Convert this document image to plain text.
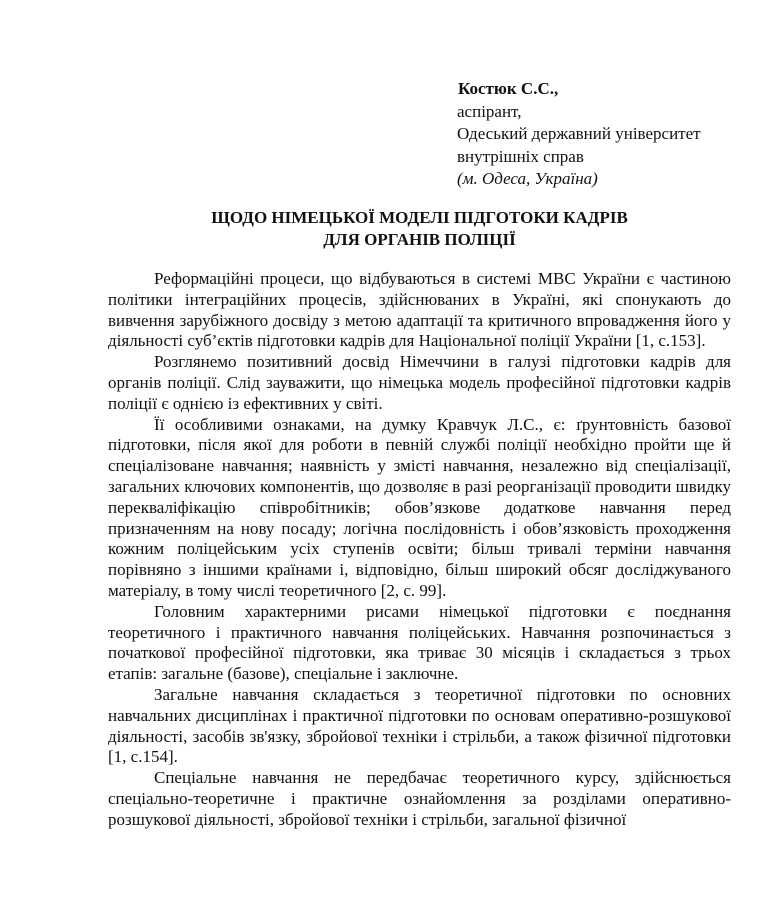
Костюк С.С.,
аспірант,
Одеський державний університет
внутрішніх справ
(м. Одеса, Україна)
ЩОДО НІМЕЦЬКОЇ МОДЕЛІ ПІДГОТОКИ КАДРІВ
ДЛЯ ОРГАНІВ ПОЛІЦІЇ

Реформаційні процеси, що відбуваються в системі МВС України є частиною політики інтеграційних процесів, здійснюваних в Україні, які спонукають до вивчення зарубіжного досвіду з метою адаптації та критичного впровадження його у діяльності суб’єктів підготовки кадрів для Національної поліції України [1, с.153].

Розглянемо позитивний досвід Німеччини в галузі підготовки кадрів для органів поліції. Слід зауважити, що німецька модель професійної підготовки кадрів поліції є однією із ефективних у світі.

Її особливими ознаками, на думку Кравчук Л.С., є: ґрунтовність базової підготовки, після якої для роботи в певній службі поліції необхідно пройти ще й спеціалізоване навчання; наявність у змісті навчання, незалежно від спеціалізації, загальних ключових компонентів, що дозволяє в разі реорганізації проводити швидку перекваліфікацію співробітників; обов’язкове додаткове навчання перед призначенням на нову посаду; логічна послідовність і обов’язковість проходження кожним поліцейським усіх ступенів освіти; більш тривалі терміни навчання порівняно з іншими країнами і, відповідно, більш широкий обсяг досліджуваного матеріалу, в тому числі теоретичного [2, с. 99].

Головним характерними рисами німецької підготовки є поєднання теоретичного і практичного навчання поліцейських. Навчання розпочинається з початкової професійної підготовки, яка триває 30 місяців і складається з трьох етапів: загальне (базове), спеціальне і заключне.

Загальне навчання складається з теоретичної підготовки по основних навчальних дисциплінах і практичної підготовки по основам оперативно-розшукової діяльності, засобів зв'язку, збройової техніки і стрільби, а також фізичної підготовки [1, с.154].

Спеціальне навчання не передбачає теоретичного курсу, здійснюється спеціально-теоретичне і практичне ознайомлення за розділами оперативно-розшукової діяльності, збройової техніки і стрільби, загальної фізичної
